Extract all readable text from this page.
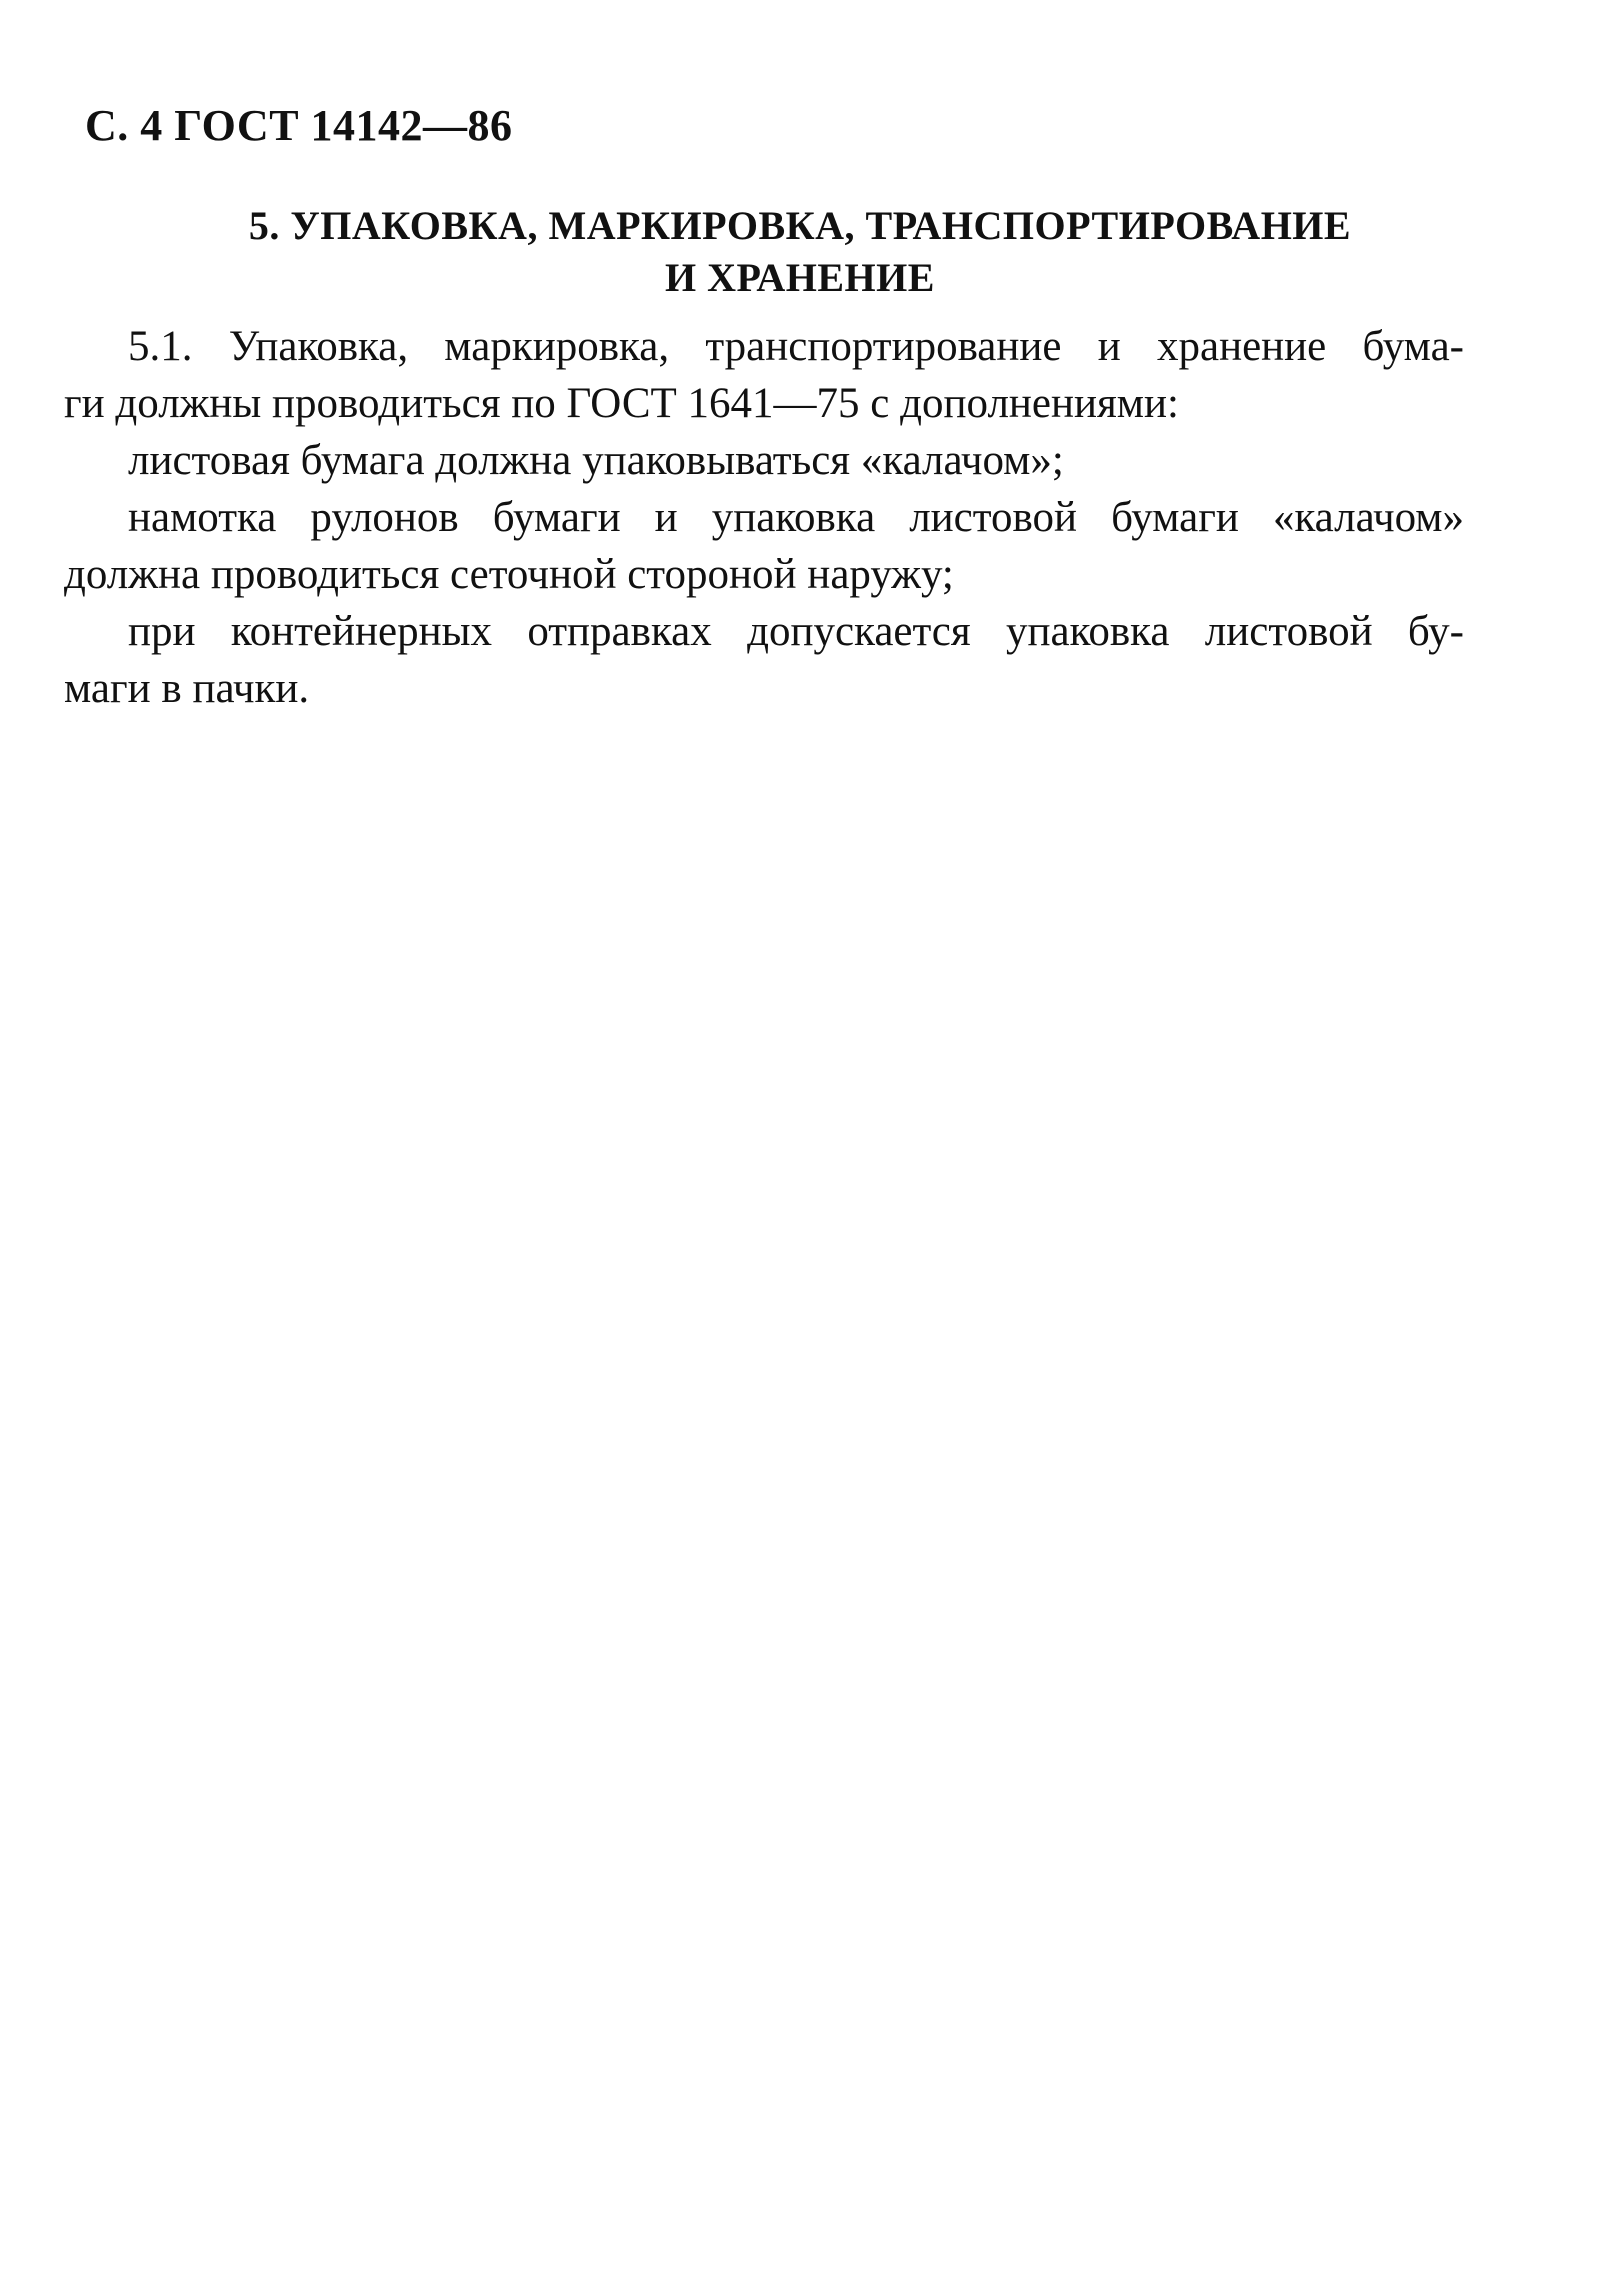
С. 4 ГОСТ 14142—86
5. УПАКОВКА, МАРКИРОВКА, ТРАНСПОРТИРОВАНИЕ
И ХРАНЕНИЕ
5.1. Упаковка, маркировка, транспортирование и хранение бума-
ги должны проводиться по ГОСТ 1641—75 с дополнениями:
листовая бумага должна упаковываться «калачом»;
намотка рулонов бумаги и упаковка листовой бумаги «калачом»
должна проводиться сеточной стороной наружу;
при контейнерных отправках допускается упаковка листовой бу-
маги в пачки.
